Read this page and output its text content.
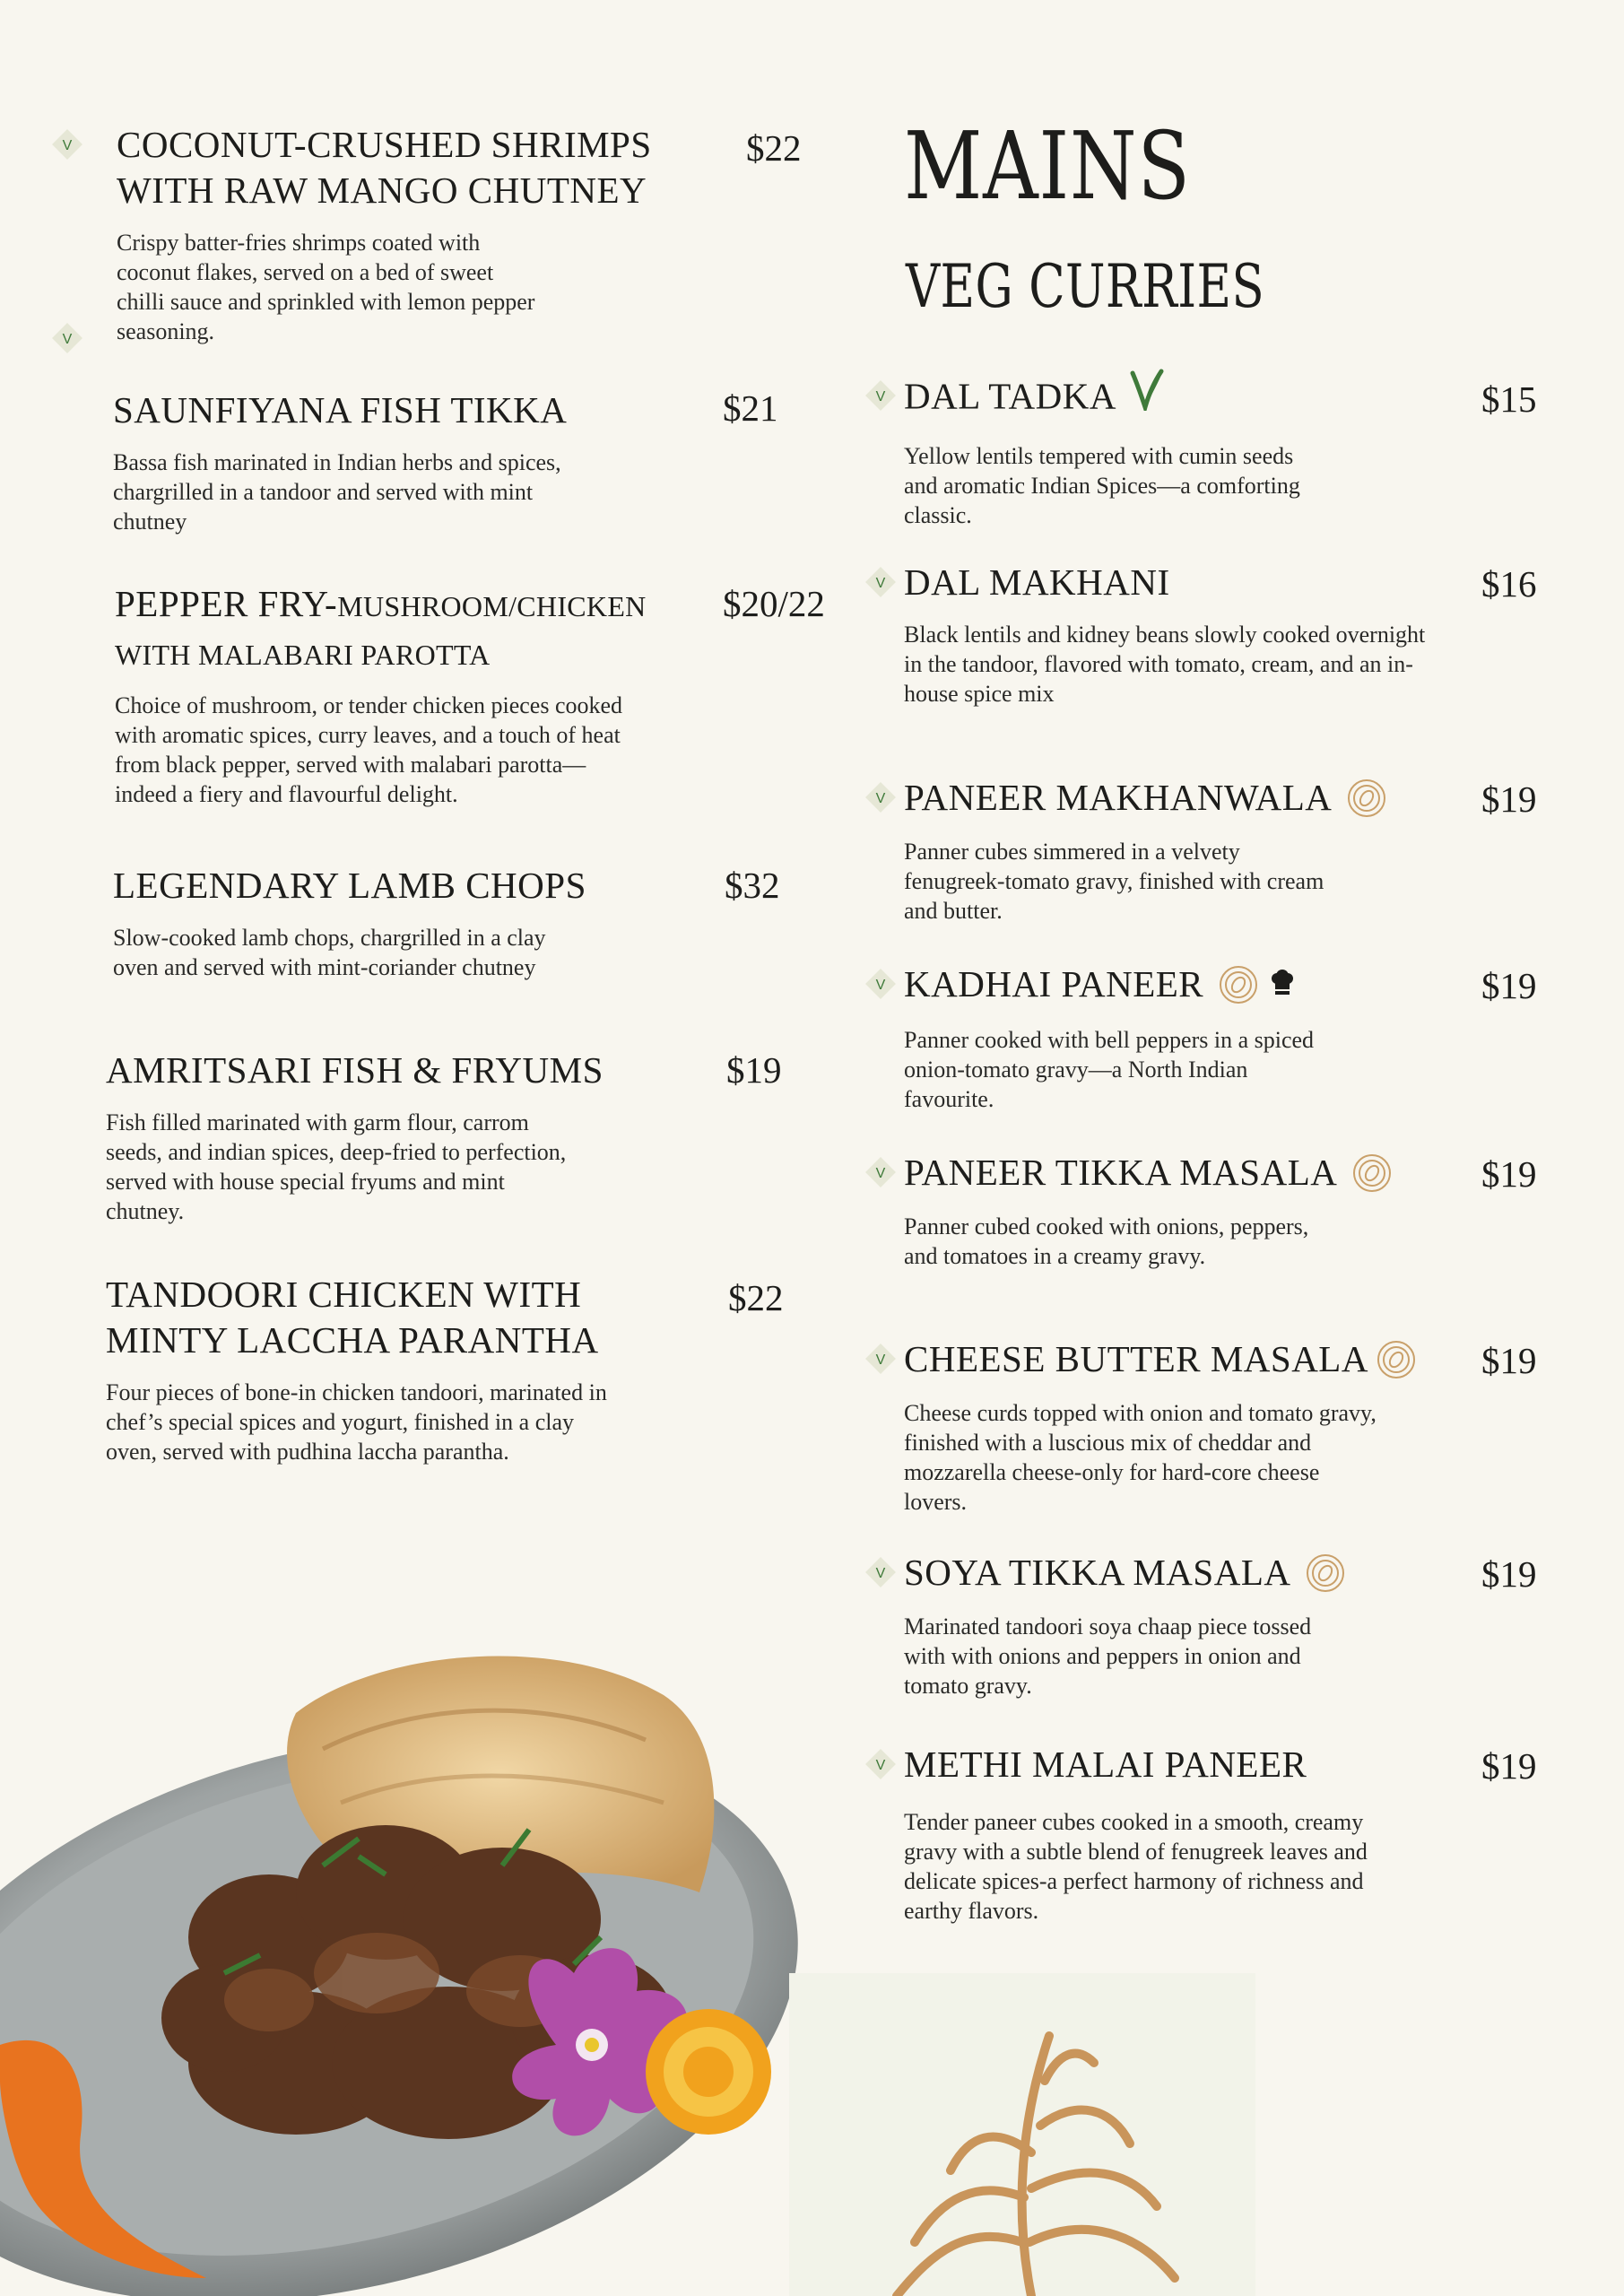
V
V
COCONUT-CRUSHED SHRIMPS
WITH RAW MANGO CHUTNEY

Crispy batter-fries shrimps coated with coconut flakes, served on a bed of sweet chilli sauce and sprinkled with lemon pepper seasoning.

$22
SAUNFIYANA FISH TIKKA

Bassa fish marinated in Indian herbs and spices, chargrilled in a tandoor and served with mint chutney

$21
PEPPER FRY-MUSHROOM/CHICKEN
WITH MALABARI PAROTTA

Choice of mushroom, or tender chicken pieces cooked with aromatic spices, curry leaves, and a touch of heat from black pepper, served with malabari parotta—indeed a fiery and flavourful delight.

$20/22
LEGENDARY LAMB CHOPS

Slow-cooked lamb chops, chargrilled in a clay oven and served with mint-coriander chutney

$32
AMRITSARI FISH & FRYUMS

Fish filled marinated with garm flour, carrom seeds, and indian spices, deep-fried to perfection, served with house special fryums and mint chutney.

$19
TANDOORI CHICKEN WITH
MINTY LACCHA PARANTHA

Four pieces of bone-in chicken tandoori, marinated in chef’s special spices and yogurt, finished in a clay oven, served with pudhina laccha parantha.

$22
MAINS
VEG CURRIES
V DAL TADKA

Yellow lentils tempered with cumin seeds and aromatic Indian Spices—a comforting classic.

$15
V DAL MAKHANI

Black lentils and kidney beans slowly cooked overnight in the tandoor, flavored with tomato, cream, and an in-house spice mix

$16
V PANEER MAKHANWALA

Panner cubes simmered in a velvety fenugreek-tomato gravy, finished with cream and butter.

$19
V KADHAI PANEER

Panner cooked with bell peppers in a spiced onion-tomato gravy—a North Indian favourite.

$19
V PANEER TIKKA MASALA

Panner cubed cooked with onions, peppers, and tomatoes in a creamy gravy.

$19
V CHEESE BUTTER MASALA

Cheese curds topped with onion and tomato gravy, finished with a luscious mix of cheddar and mozzarella cheese-only for hard-core cheese lovers.

$19
V SOYA TIKKA MASALA

Marinated tandoori soya chaap piece tossed with with onions and peppers in onion and tomato gravy.

$19
V METHI MALAI PANEER

Tender paneer cubes cooked in a smooth, creamy gravy with a subtle blend of fenugreek leaves and delicate spices-a perfect harmony of richness and earthy flavors.

$19
